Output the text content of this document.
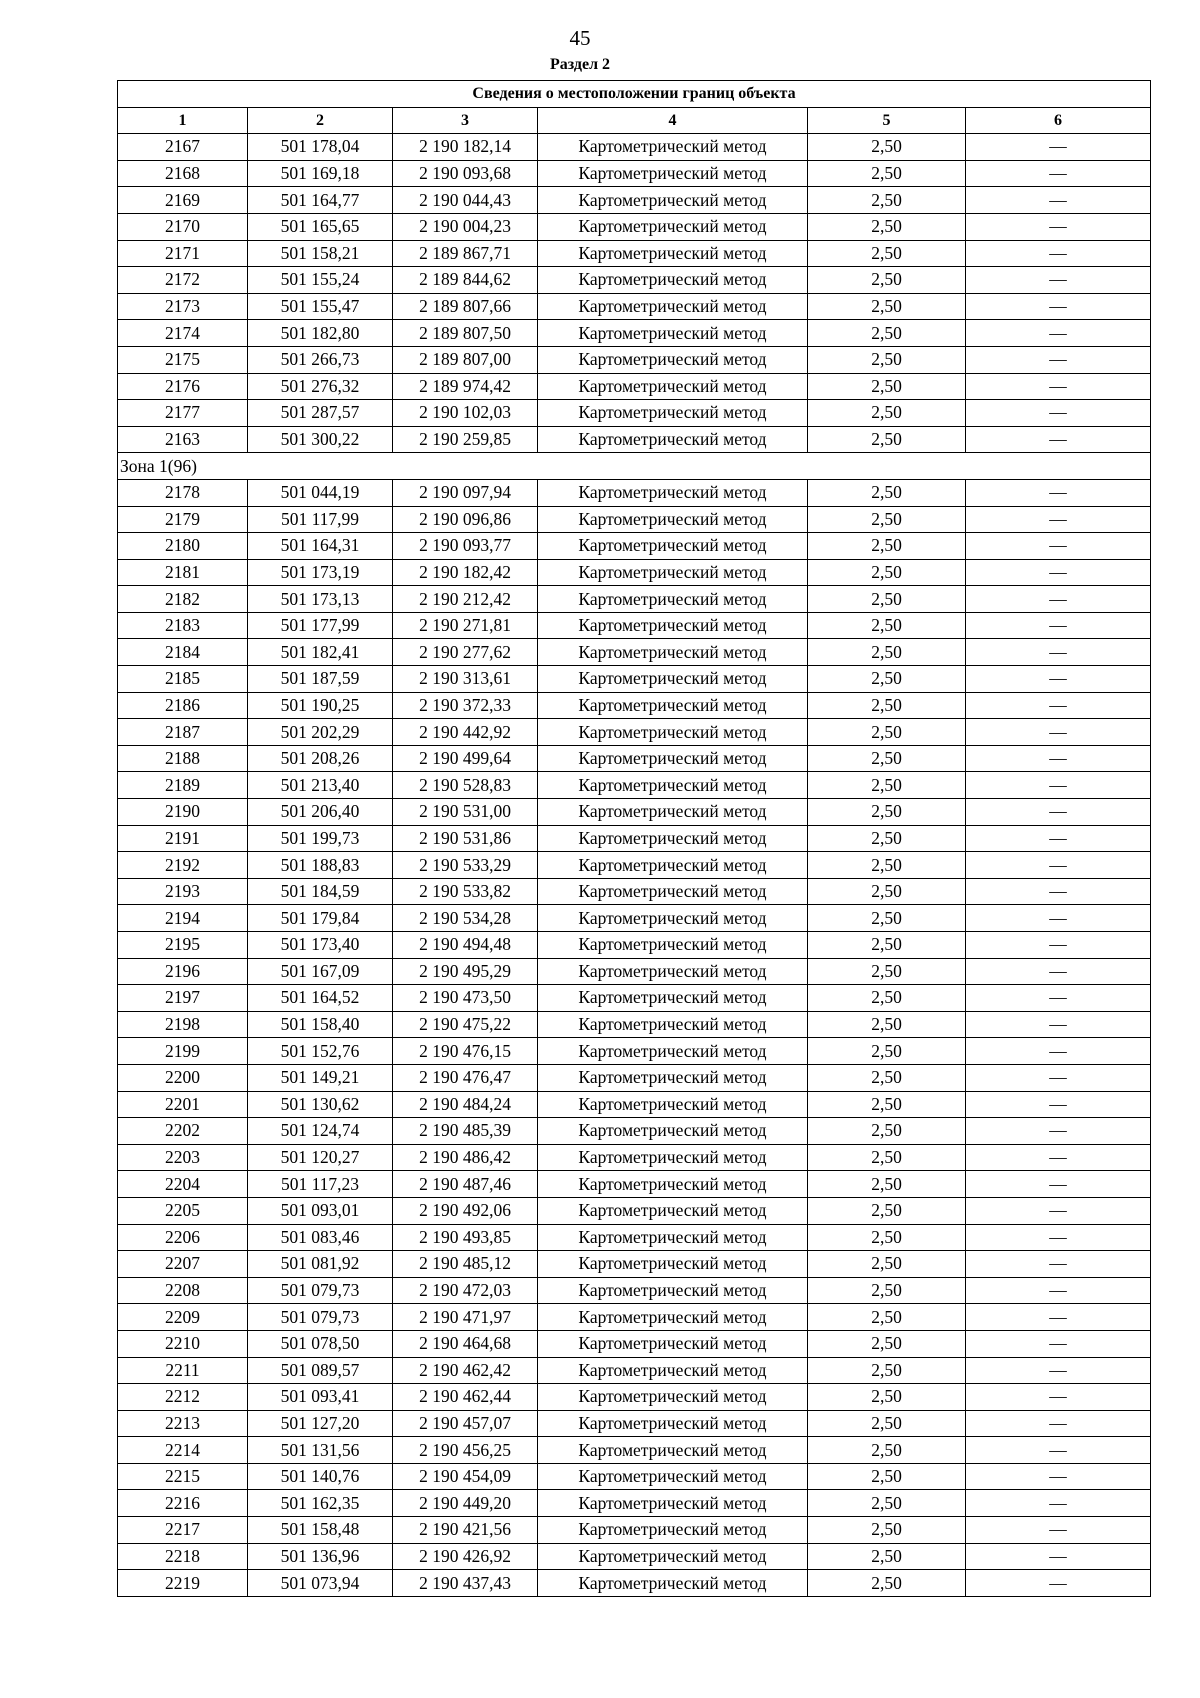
45
Раздел 2
Сведения о местоположении границ объекта					
1	2	3	4	5	6
2167	501 178,04	2 190 182,14	Картометрический метод	2,50	—
2168	501 169,18	2 190 093,68	Картометрический метод	2,50	—
2169	501 164,77	2 190 044,43	Картометрический метод	2,50	—
2170	501 165,65	2 190 004,23	Картометрический метод	2,50	—
2171	501 158,21	2 189 867,71	Картометрический метод	2,50	—
2172	501 155,24	2 189 844,62	Картометрический метод	2,50	—
2173	501 155,47	2 189 807,66	Картометрический метод	2,50	—
2174	501 182,80	2 189 807,50	Картометрический метод	2,50	—
2175	501 266,73	2 189 807,00	Картометрический метод	2,50	—
2176	501 276,32	2 189 974,42	Картометрический метод	2,50	—
2177	501 287,57	2 190 102,03	Картометрический метод	2,50	—
2163	501 300,22	2 190 259,85	Картометрический метод	2,50	—
Зона 1(96)					
2178	501 044,19	2 190 097,94	Картометрический метод	2,50	—
2179	501 117,99	2 190 096,86	Картометрический метод	2,50	—
2180	501 164,31	2 190 093,77	Картометрический метод	2,50	—
2181	501 173,19	2 190 182,42	Картометрический метод	2,50	—
2182	501 173,13	2 190 212,42	Картометрический метод	2,50	—
2183	501 177,99	2 190 271,81	Картометрический метод	2,50	—
2184	501 182,41	2 190 277,62	Картометрический метод	2,50	—
2185	501 187,59	2 190 313,61	Картометрический метод	2,50	—
2186	501 190,25	2 190 372,33	Картометрический метод	2,50	—
2187	501 202,29	2 190 442,92	Картометрический метод	2,50	—
2188	501 208,26	2 190 499,64	Картометрический метод	2,50	—
2189	501 213,40	2 190 528,83	Картометрический метод	2,50	—
2190	501 206,40	2 190 531,00	Картометрический метод	2,50	—
2191	501 199,73	2 190 531,86	Картометрический метод	2,50	—
2192	501 188,83	2 190 533,29	Картометрический метод	2,50	—
2193	501 184,59	2 190 533,82	Картометрический метод	2,50	—
2194	501 179,84	2 190 534,28	Картометрический метод	2,50	—
2195	501 173,40	2 190 494,48	Картометрический метод	2,50	—
2196	501 167,09	2 190 495,29	Картометрический метод	2,50	—
2197	501 164,52	2 190 473,50	Картометрический метод	2,50	—
2198	501 158,40	2 190 475,22	Картометрический метод	2,50	—
2199	501 152,76	2 190 476,15	Картометрический метод	2,50	—
2200	501 149,21	2 190 476,47	Картометрический метод	2,50	—
2201	501 130,62	2 190 484,24	Картометрический метод	2,50	—
2202	501 124,74	2 190 485,39	Картометрический метод	2,50	—
2203	501 120,27	2 190 486,42	Картометрический метод	2,50	—
2204	501 117,23	2 190 487,46	Картометрический метод	2,50	—
2205	501 093,01	2 190 492,06	Картометрический метод	2,50	—
2206	501 083,46	2 190 493,85	Картометрический метод	2,50	—
2207	501 081,92	2 190 485,12	Картометрический метод	2,50	—
2208	501 079,73	2 190 472,03	Картометрический метод	2,50	—
2209	501 079,73	2 190 471,97	Картометрический метод	2,50	—
2210	501 078,50	2 190 464,68	Картометрический метод	2,50	—
2211	501 089,57	2 190 462,42	Картометрический метод	2,50	—
2212	501 093,41	2 190 462,44	Картометрический метод	2,50	—
2213	501 127,20	2 190 457,07	Картометрический метод	2,50	—
2214	501 131,56	2 190 456,25	Картометрический метод	2,50	—
2215	501 140,76	2 190 454,09	Картометрический метод	2,50	—
2216	501 162,35	2 190 449,20	Картометрический метод	2,50	—
2217	501 158,48	2 190 421,56	Картометрический метод	2,50	—
2218	501 136,96	2 190 426,92	Картометрический метод	2,50	—
2219	501 073,94	2 190 437,43	Картометрический метод	2,50	—
